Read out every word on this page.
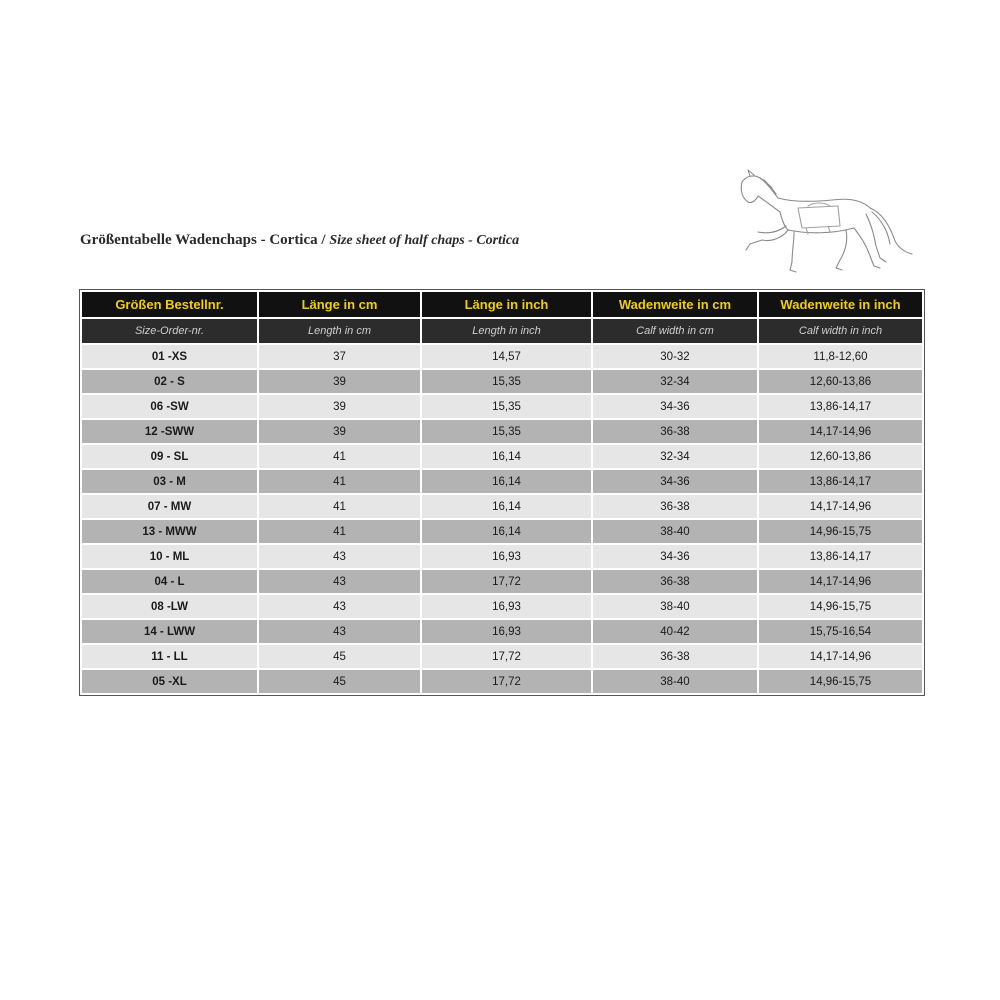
Größentabelle Wadenchaps - Cortica / Size sheet of half chaps - Cortica
Größen Bestellnr.	Länge in cm	Länge in inch	Wadenweite in cm	Wadenweite in inch
Size-Order-nr.	Length in cm	Length in inch	Calf width in cm	Calf width in inch
01 -XS	37	14,57	30-32	11,8-12,60
02 - S	39	15,35	32-34	12,60-13,86
06 -SW	39	15,35	34-36	13,86-14,17
12 -SWW	39	15,35	36-38	14,17-14,96
09 - SL	41	16,14	32-34	12,60-13,86
03 - M	41	16,14	34-36	13,86-14,17
07 - MW	41	16,14	36-38	14,17-14,96
13 - MWW	41	16,14	38-40	14,96-15,75
10 - ML	43	16,93	34-36	13,86-14,17
04 - L	43	17,72	36-38	14,17-14,96
08 -LW	43	16,93	38-40	14,96-15,75
14 - LWW	43	16,93	40-42	15,75-16,54
11 - LL	45	17,72	36-38	14,17-14,96
05 -XL	45	17,72	38-40	14,96-15,75
